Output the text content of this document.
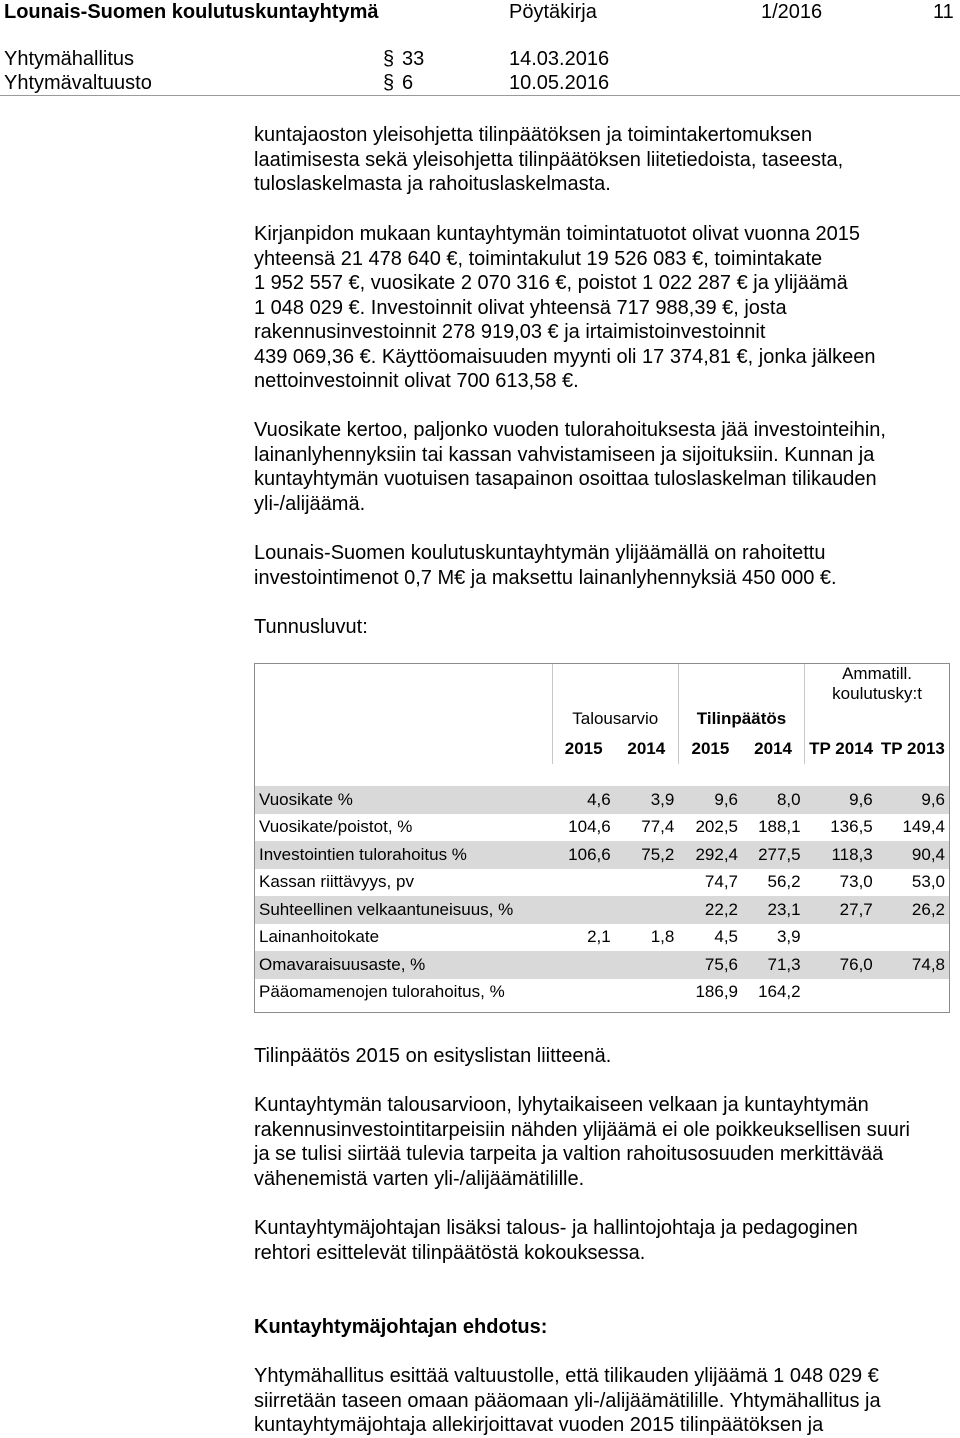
Lounais-Suomen koulutuskuntayhtymä	Pöytäkirja	1/2016	11
Yhtymähallitus	§ 33	14.03.2016
Yhtymävaltuusto	§ 6	10.05.2016
kuntajaoston yleisohjetta tilinpäätöksen ja toimintakertomuksen
laatimisesta sekä yleisohjetta tilinpäätöksen liitetiedoista, taseesta,
tuloslaskelmasta ja rahoituslaskelmasta.
Kirjanpidon mukaan kuntayhtymän toimintatuotot olivat vuonna 2015
yhteensä 21 478 640 €, toimintakulut 19 526 083 €, toimintakate
1 952 557 €, vuosikate 2 070 316 €, poistot 1 022 287 € ja ylijäämä
1 048 029 €. Investoinnit olivat yhteensä 717 988,39 €, josta
rakennusinvestoinnit 278 919,03 € ja irtaimistoinvestoinnit
439 069,36 €. Käyttöomaisuuden myynti oli 17 374,81 €, jonka jälkeen
nettoinvestoinnit olivat 700 613,58 €.
Vuosikate kertoo, paljonko vuoden tulorahoituksesta jää investointeihin,
lainanlyhennyksiin tai kassan vahvistamiseen ja sijoituksiin. Kunnan ja
kuntayhtymän vuotuisen tasapainon osoittaa tuloslaskelman tilikauden
yli-/alijäämä.
Lounais-Suomen koulutuskuntayhtymän ylijäämällä on rahoitettu
investointimenot 0,7 M€ ja maksettu lainanlyhennyksiä 450 000 €.
Tunnusluvut:

					Ammatill.
koulutusky:t	

	Talousarvio		Tilinpäätös			
	2015	2014	2015	2014	TP 2014	TP 2013

Vuosikate %	4,6	3,9	9,6	8,0	9,6	9,6
Vuosikate/poistot, %	104,6	77,4	202,5	188,1	136,5	149,4
Investointien tulorahoitus %	106,6	75,2	292,4	277,5	118,3	90,4
Kassan riittävyys, pv			74,7	56,2	73,0	53,0
Suhteellinen velkaantuneisuus, %			22,2	23,1	27,7	26,2
Lainanhoitokate	2,1	1,8	4,5	3,9		
Omavaraisuusaste, %			75,6	71,3	76,0	74,8
Pääomamenojen tulorahoitus, %			186,9	164,2		
Tilinpäätös 2015 on esityslistan liitteenä.
Kuntayhtymän talousarvioon, lyhytaikaiseen velkaan ja kuntayhtymän
rakennusinvestointitarpeisiin nähden ylijäämä ei ole poikkeuksellisen suuri
ja se tulisi siirtää tulevia tarpeita ja valtion rahoitusosuuden merkittävää
vähenemistä varten yli-/alijäämätilille.
Kuntayhtymäjohtajan lisäksi talous- ja hallintojohtaja ja pedagoginen
rehtori esittelevät tilinpäätöstä kokouksessa.
Kuntayhtymäjohtajan ehdotus:
Yhtymähallitus esittää valtuustolle, että tilikauden ylijäämä 1 048 029 €
siirretään taseen omaan pääomaan yli-/alijäämätilille. Yhtymähallitus ja
kuntayhtymäjohtaja allekirjoittavat vuoden 2015 tilinpäätöksen ja
